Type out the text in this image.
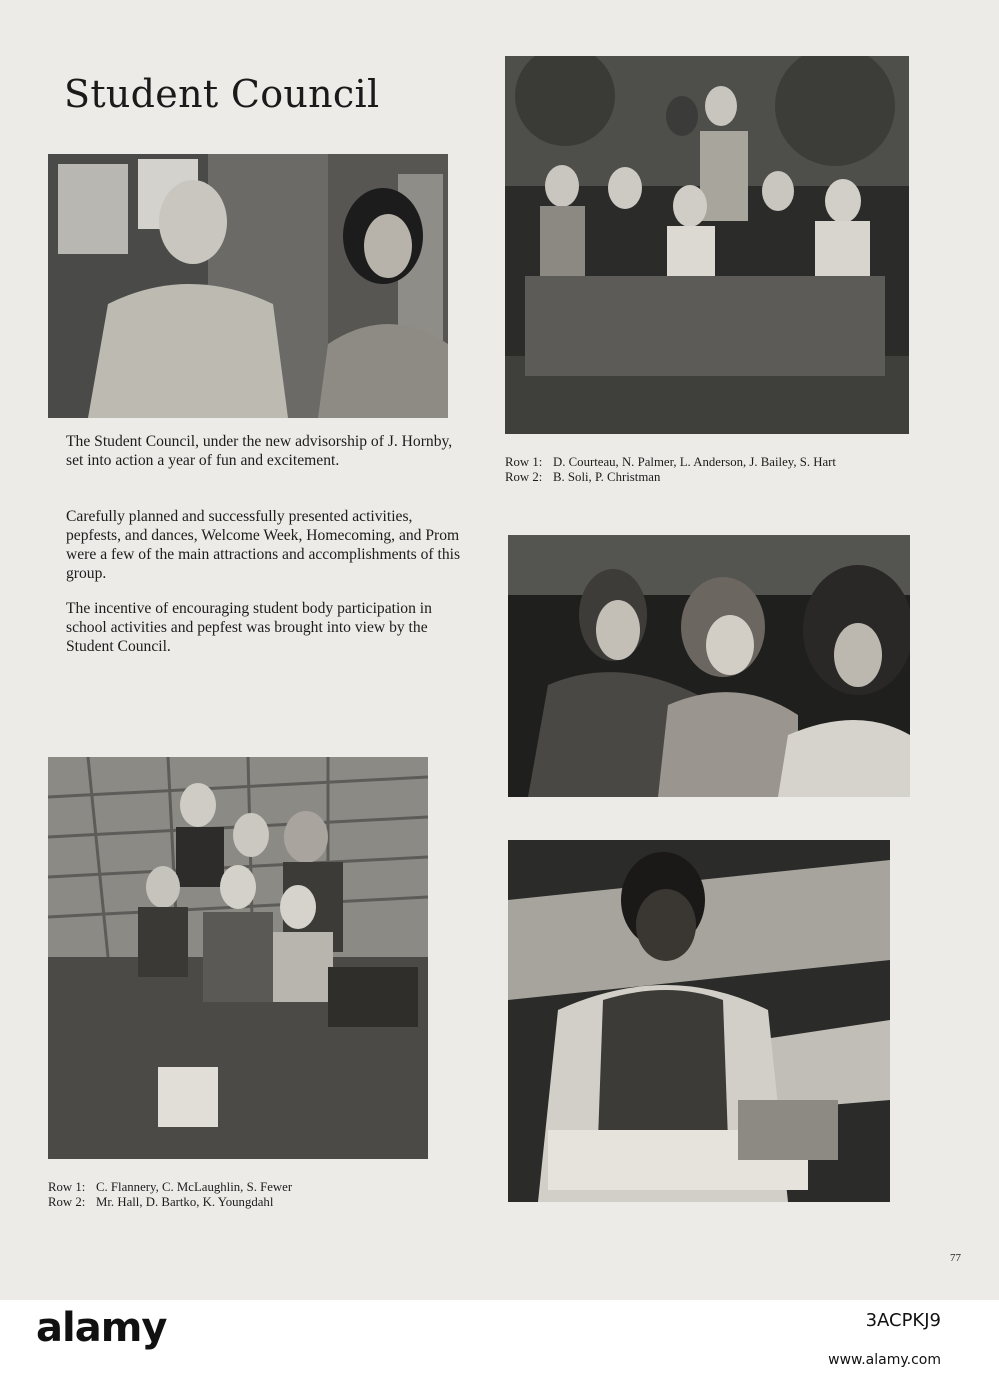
Student Council

The Student Council, under the new advisorship of J. Hornby, set into action a year of fun and excitement.

Carefully planned and successfully presented activities, pepfests, and dances, Welcome Week, Homecoming, and Prom were a few of the main attractions and accomplishments of this group.

The incentive of encouraging student body participation in school activities and pepfest was brought into view by the Student Council.

Row 1: D. Courteau, N. Palmer, L. Anderson, J. Bailey, S. Hart
Row 2: B. Soli, P. Christman
Row 1: C. Flannery, C. McLaughlin, S. Fewer
Row 2: Mr. Hall, D. Bartko, K. Youngdahl
77
alamy	3ACPKJ9
www.alamy.com
